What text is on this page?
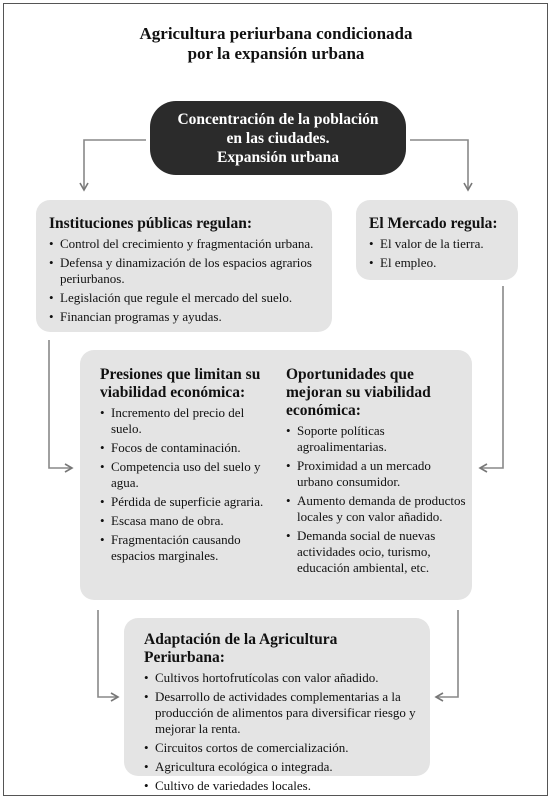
Agricultura periurbana condicionada
por la expansión urbana
Concentración de la población
en las ciudades.
Expansión urbana
Instituciones públicas regulan:
• Control del crecimiento y fragmentación urbana.
• Defensa y dinamización de los espacios agrarios periurbanos.
• Legislación que regule el mercado del suelo.
• Financian programas y ayudas.
El Mercado regula:
• El valor de la tierra.
• El empleo.
Presiones que limitan su
viabilidad económica:
• Incremento del precio del suelo.
• Focos de contaminación.
• Competencia uso del suelo y agua.
• Pérdida de superficie agraria.
• Escasa mano de obra.
• Fragmentación causando espacios marginales.
Oportunidades que
mejoran su viabilidad
económica:
• Soporte políticas agroalimentarias.
• Proximidad a un mercado urbano consumidor.
• Aumento demanda de productos locales y con valor añadido.
• Demanda social de nuevas actividades ocio, turismo, educación ambiental, etc.
Adaptación de la Agricultura Periurbana:
• Cultivos hortofrutícolas con valor añadido.
• Desarrollo de actividades complementarias a la producción de alimentos para diversificar riesgo y mejorar la renta.
• Circuitos cortos de comercialización.
• Agricultura ecológica o integrada.
• Cultivo de variedades locales.
